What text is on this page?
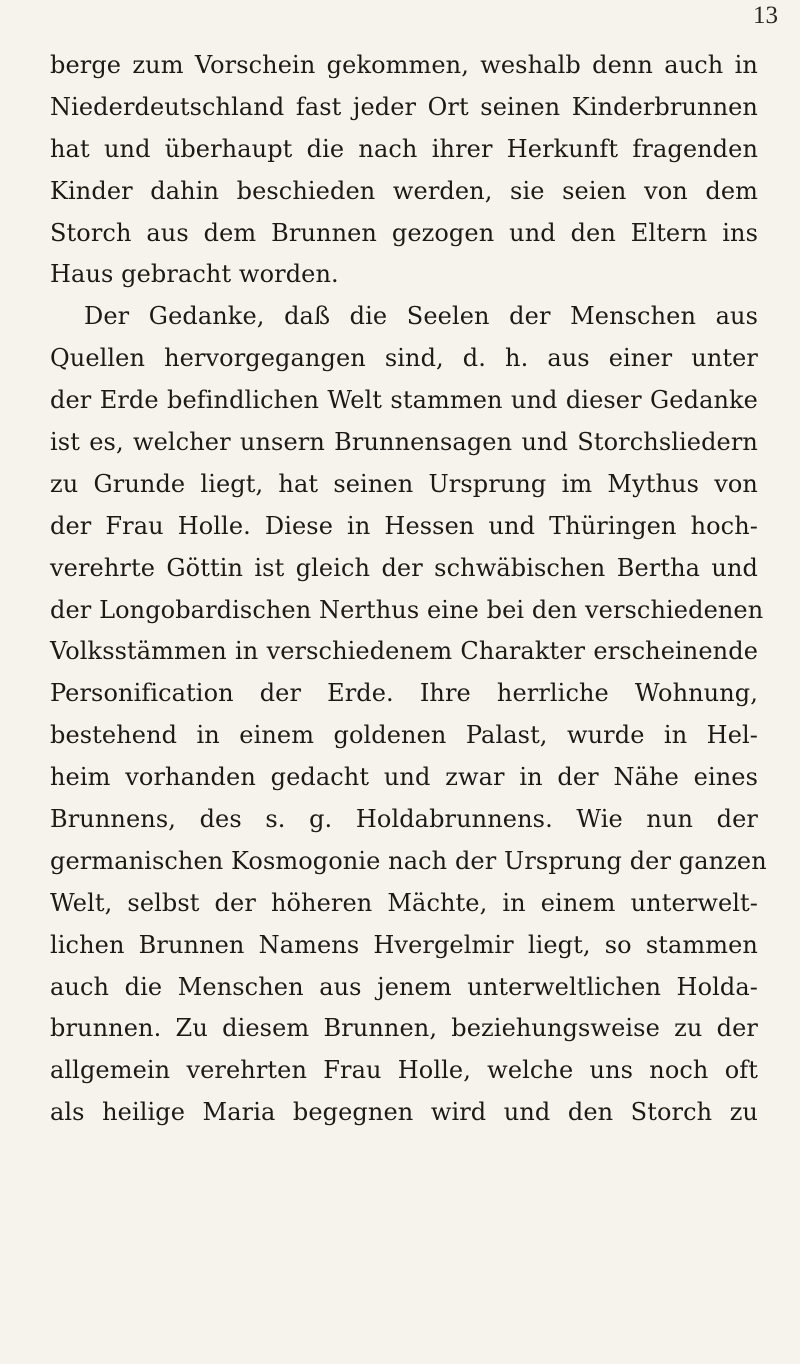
13
berge zum Vorschein gekommen, weshalb denn auch in
Niederdeutschland fast jeder Ort seinen Kinderbrunnen
hat und überhaupt die nach ihrer Herkunft fragenden
Kinder dahin beschieden werden, sie seien von dem
Storch aus dem Brunnen gezogen und den Eltern ins
Haus gebracht worden.
Der Gedanke, daß die Seelen der Menschen aus
Quellen hervorgegangen sind, d. h. aus einer unter
der Erde befindlichen Welt stammen und dieser Gedanke
ist es, welcher unsern Brunnensagen und Storchsliedern
zu Grunde liegt, hat seinen Ursprung im Mythus von
der Frau Holle. Diese in Hessen und Thüringen hoch-
verehrte Göttin ist gleich der schwäbischen Bertha und
der Longobardischen Nerthus eine bei den verschiedenen
Volksstämmen in verschiedenem Charakter erscheinende
Personification der Erde. Ihre herrliche Wohnung,
bestehend in einem goldenen Palast, wurde in Hel-
heim vorhanden gedacht und zwar in der Nähe eines
Brunnens, des s. g. Holdabrunnens. Wie nun der
germanischen Kosmogonie nach der Ursprung der ganzen
Welt, selbst der höheren Mächte, in einem unterwelt-
lichen Brunnen Namens Hvergelmir liegt, so stammen
auch die Menschen aus jenem unterweltlichen Holda-
brunnen. Zu diesem Brunnen, beziehungsweise zu der
allgemein verehrten Frau Holle, welche uns noch oft
als heilige Maria begegnen wird und den Storch zu
